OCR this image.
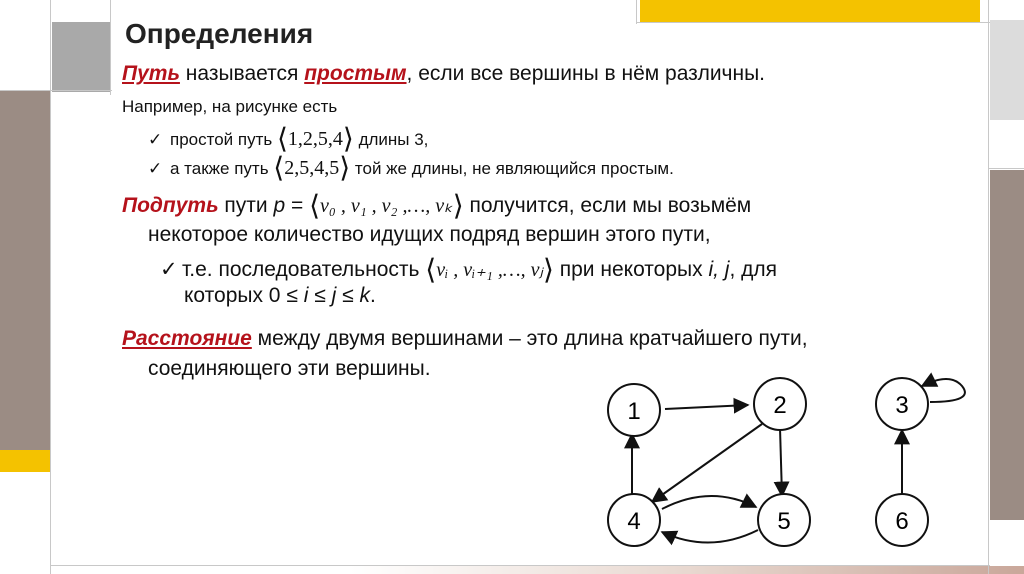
Определения
Путь называется простым, если все вершины в нём различны.
Например, на рисунке есть
✓ простой путь ⟨1,2,5,4⟩ длины 3,
✓ а также путь ⟨2,5,4,5⟩ той же длины, не являющийся простым.
Подпуть пути p = ⟨v₀ , v₁ , v₂ ,…, vₖ⟩ получится, если мы возьмём
некоторое количество идущих подряд вершин этого пути,
✓ т.е. последовательность ⟨vᵢ , vᵢ₊₁ ,…, vⱼ⟩ при некоторых i, j, для
которых 0 ≤ i ≤ j ≤ k.
Расстояние между двумя вершинами – это длина кратчайшего пути,
соединяющего эти вершины.
1	2	3
4	5	6
